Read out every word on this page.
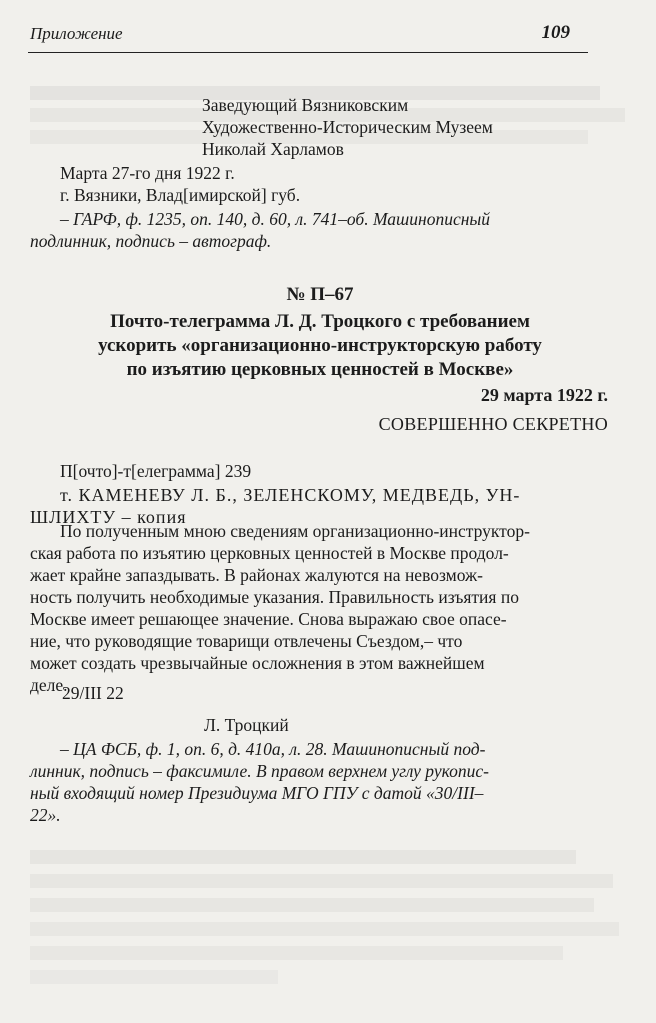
Приложение	109
Заведующий Вязниковским
Художественно-Историческим Музеем
Николай Харламов
Марта 27-го дня 1922 г.
г. Вязники, Влад[имирской] губ.
– ГАРФ, ф. 1235, оп. 140, д. 60, л. 741–об. Машинописный
подлинник, подпись – автограф.
№ П–67
Почто-телеграмма Л. Д. Троцкого с требованием
ускорить «организационно-инструкторскую работу
по изъятию церковных ценностей в Москве»
29 марта 1922 г.
СОВЕРШЕННО СЕКРЕТНО
П[очто]-т[елеграмма] 239
т. КАМЕНЕВУ Л. Б., ЗЕЛЕНСКОМУ, МЕДВЕДЬ, УН-
ШЛИХТУ – копия
По полученным мною сведениям организационно-инструктор-
ская работа по изъятию церковных ценностей в Москве продол-
жает крайне запаздывать. В районах жалуются на невозмож-
ность получить необходимые указания. Правильность изъятия по
Москве имеет решающее значение. Снова выражаю свое опасе-
ние, что руководящие товарищи отвлечены Съездом,– что
может создать чрезвычайные осложнения в этом важнейшем
деле.
29/III 22
Л. Троцкий
– ЦА ФСБ, ф. 1, оп. 6, д. 410а, л. 28. Машинописный под-
линник, подпись – факсимиле. В правом верхнем углу рукопис-
ный входящий номер Президиума МГО ГПУ с датой «30/III–
22».
